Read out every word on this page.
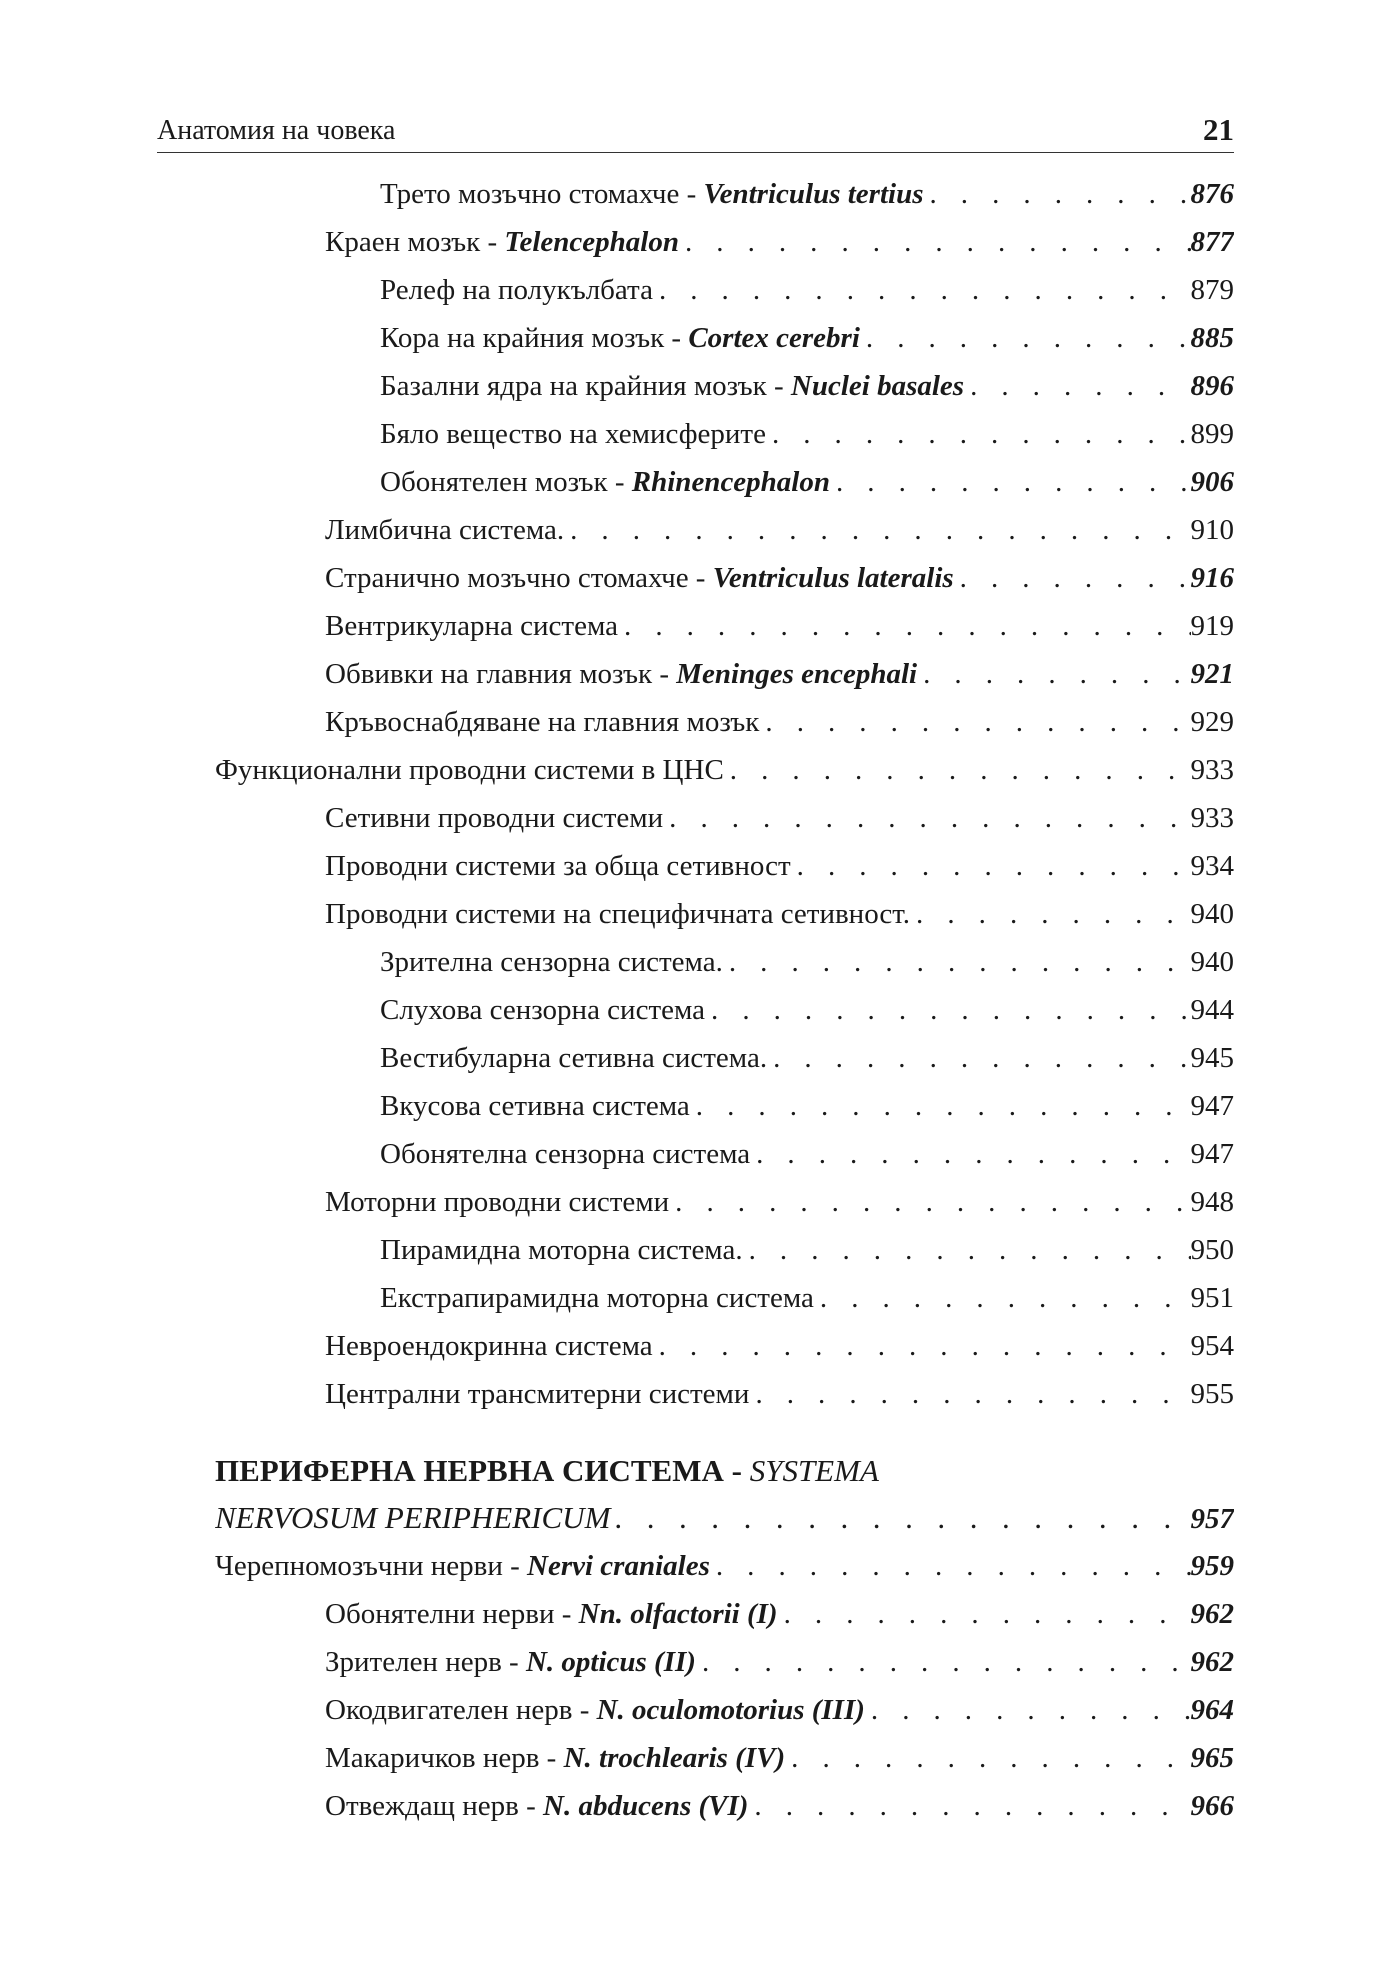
Анатомия на човека	21
Трето мозъчно стомахче - Ventriculus tertius . . .	876
Краен мозък - Telencephalon . . .	877
Релеф на полукълбата . . .	879
Кора на крайния мозък - Cortex cerebri . . .	885
Базални ядра на крайния мозък - Nuclei basales . . .	896
Бяло вещество на хемисферите . . .	899
Обонятелен мозък - Rhinencephalon . . .	906
Лимбична система. . . .	910
Странично мозъчно стомахче - Ventriculus lateralis . . .	916
Вентрикуларна система . . .	919
Обвивки на главния мозък - Meninges encephali . . .	921
Кръвоснабдяване на главния мозък . . .	929
Функционални проводни системи в ЦНС . . .	933
Сетивни проводни системи . . .	933
Проводни системи за обща сетивност . . .	934
Проводни системи на специфичната сетивност. . . .	940
Зрителна сензорна система. . . .	940
Слухова сензорна система . . .	944
Вестибуларна сетивна система. . . .	945
Вкусова сетивна система . . .	947
Обонятелна сензорна система . . .	947
Моторни проводни системи . . .	948
Пирамидна моторна система. . . .	950
Екстрапирамидна моторна система . . .	951
Невроендокринна система . . .	954
Централни трансмитерни системи . . .	955
ПЕРИФЕРНА НЕРВНА СИСТЕМА - SYSTEMA
NERVOSUM PERIPHERICUM . . .	957
Черепномозъчни нерви - Nervi craniales . . .	959
Обонятелни нерви - Nn. olfactorii (I) . . .	962
Зрителен нерв - N. opticus (II) . . .	962
Окодвигателен нерв - N. oculomotorius (III) . . .	964
Макаричков нерв - N. trochlearis (IV) . . .	965
Отвеждащ нерв - N. abducens (VI) . . .	966
